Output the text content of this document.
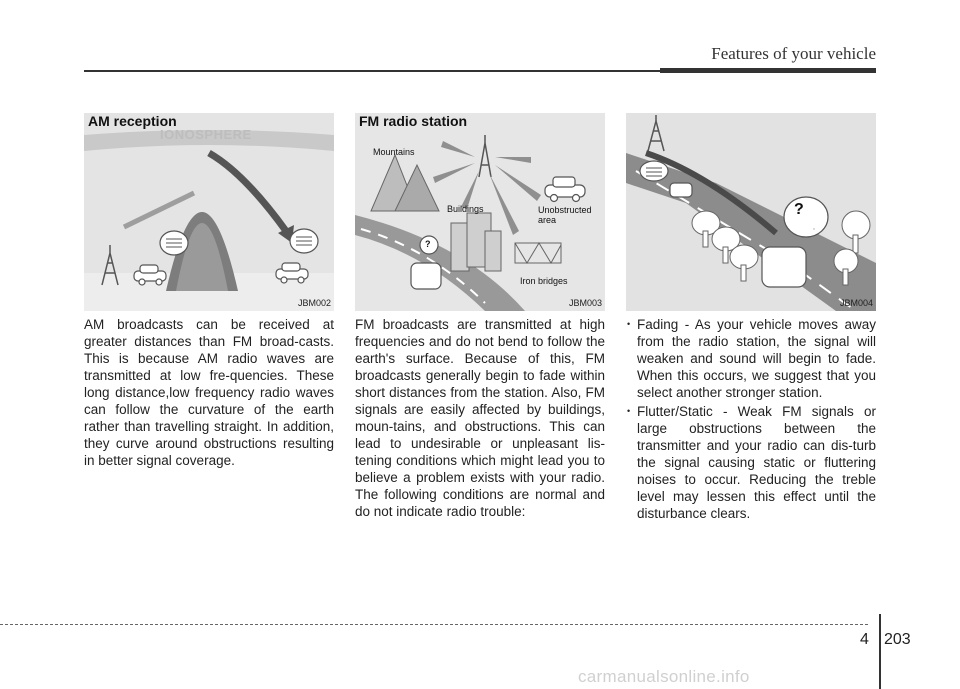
Features of your vehicle
AM reception
IONOSPHERE
JBM002
FM radio station
Mountains
Buildings	Unobstructed
area
Iron bridges
?
JBM003
?
JBM004

AM broadcasts can be received at greater distances than FM broad-casts. This is because AM radio waves are transmitted at low fre-quencies. These long distance,low frequency radio waves can follow the curvature of the earth rather than travelling straight. In addition, they curve around obstructions resulting in better signal coverage.

FM broadcasts are transmitted at high frequencies and do not bend to follow the earth's surface. Because of this, FM broadcasts generally begin to fade within short distances from the station. Also, FM signals are easily affected by buildings, moun-tains, and obstructions. This can lead to undesirable or unpleasant lis-tening conditions which might lead you to believe a problem exists with your radio. The following conditions are normal and do not indicate radio trouble:

• Fading - As your vehicle moves away from the radio station, the signal will weaken and sound will begin to fade. When this occurs, we suggest that you select another stronger station.
• Flutter/Static - Weak FM signals or large obstructions between the transmitter and your radio can dis-turb the signal causing static or fluttering noises to occur. Reducing the treble level may lessen this effect until the disturbance clears.
4 203
carmanualsonline.info
